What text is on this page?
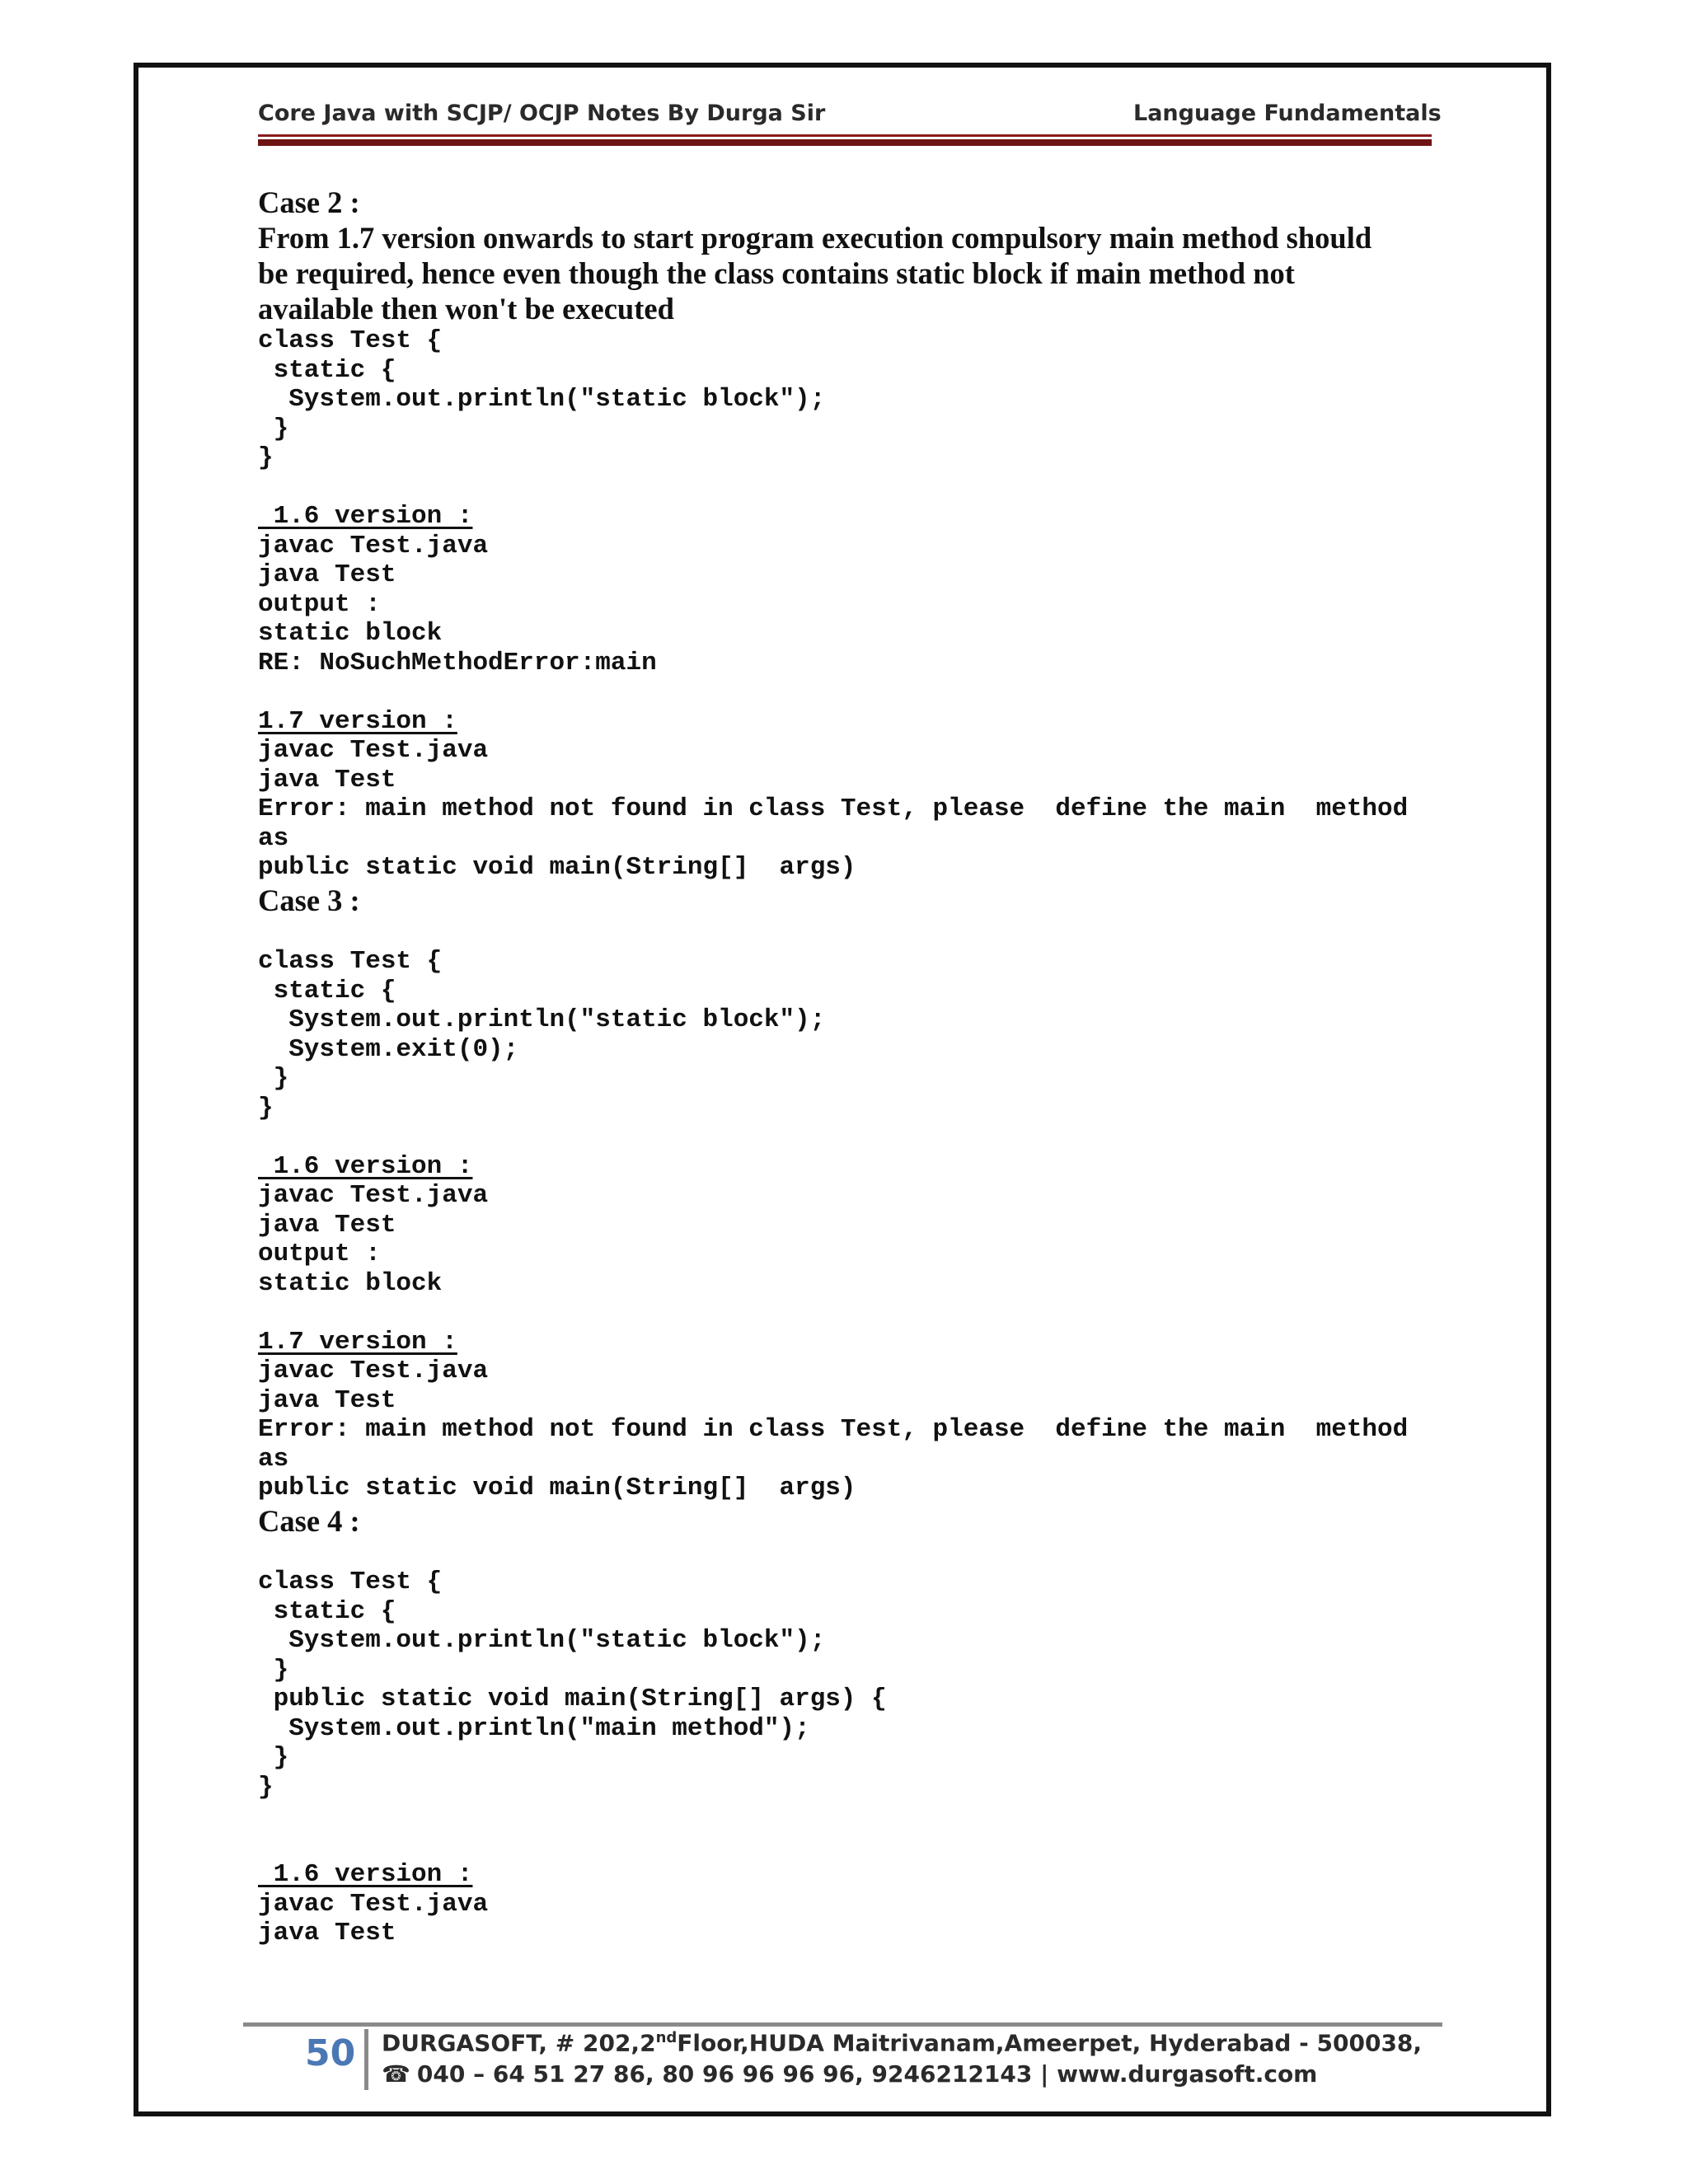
Core Java with SCJP/ OCJP Notes By Durga Sir	Language Fundamentals

Case 2 :

From 1.7 version onwards to start program execution compulsory main method should

be required, hence even though the class contains static block if main method not

available then won't be executed

class Test {
static {
System.out.println("static block");
}
}
1.6 version :
javac Test.java
java Test
output :
static block
RE: NoSuchMethodError:main
1.7 version :
javac Test.java
java Test
Error: main method not found in class Test, please  define the main  method
as
public static void main(String[]  args)

Case 3 :

class Test {
static {
System.out.println("static block");
System.exit(0);
}
}
1.6 version :
javac Test.java
java Test
output :
static block
1.7 version :
javac Test.java
java Test
Error: main method not found in class Test, please  define the main  method
as
public static void main(String[]  args)

Case 4 :

class Test {
static {
System.out.println("static block");
}
public static void main(String[] args) {
System.out.println("main method");
}
}
1.6 version :
javac Test.java
java Test
50 DURGASOFT, # 202,2ndFloor,HUDA Maitrivanam,Ameerpet, Hyderabad - 500038,
☎ 040 – 64 51 27 86, 80 96 96 96 96, 9246212143 | www.durgasoft.com
